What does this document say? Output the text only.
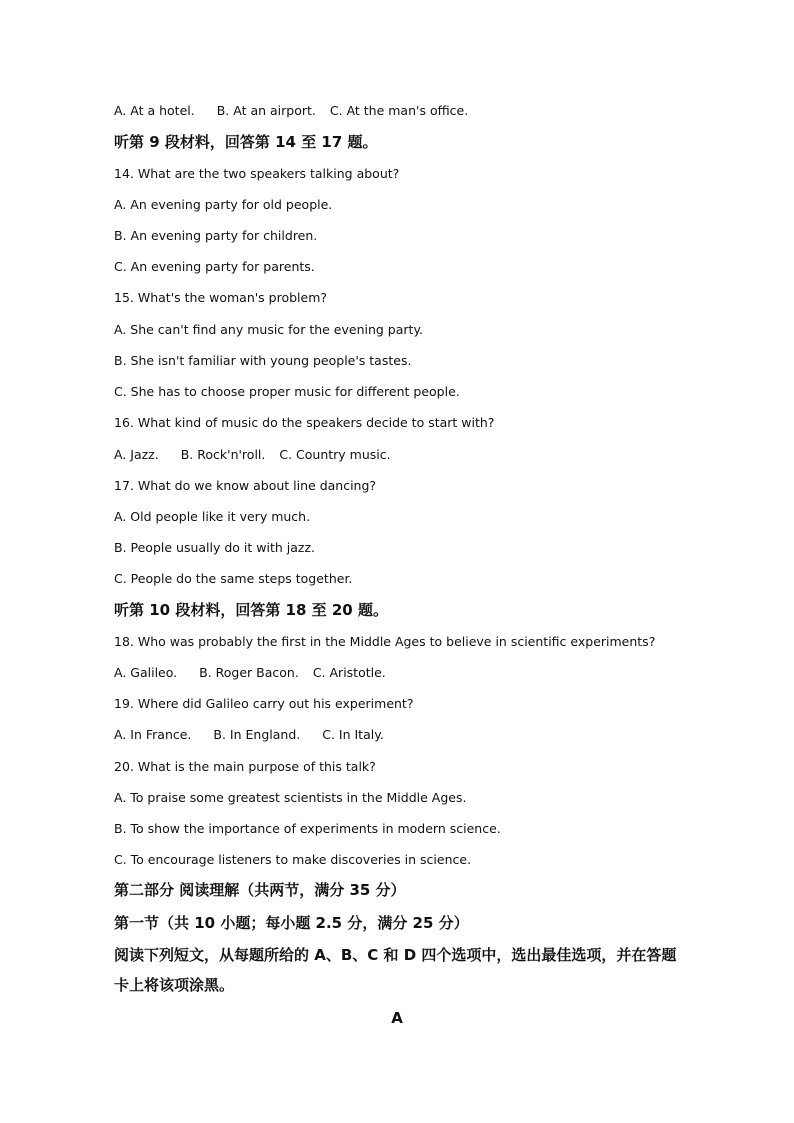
A. At a hotel. B. At an airport. C. At the man's office.
听第 9 段材料，回答第 14 至 17 题。
14. What are the two speakers talking about?
A. An evening party for old people.
B. An evening party for children.
C. An evening party for parents.
15. What's the woman's problem?
A. She can't find any music for the evening party.
B. She isn't familiar with young people's tastes.
C. She has to choose proper music for different people.
16. What kind of music do the speakers decide to start with?
A. Jazz. B. Rock'n'roll. C. Country music.
17. What do we know about line dancing?
A. Old people like it very much.
B. People usually do it with jazz.
C. People do the same steps together.
听第 10 段材料，回答第 18 至 20 题。
18. Who was probably the first in the Middle Ages to believe in scientific experiments?
A. Galileo. B. Roger Bacon. C. Aristotle.
19. Where did Galileo carry out his experiment?
A. In France. B. In England. C. In Italy.
20. What is the main purpose of this talk?
A. To praise some greatest scientists in the Middle Ages.
B. To show the importance of experiments in modern science.
C. To encourage listeners to make discoveries in science.
第二部分 阅读理解（共两节，满分 35 分）
第一节（共 10 小题；每小题 2.5 分，满分 25 分）
阅读下列短文，从每题所给的 A、B、C 和 D 四个选项中，选出最佳选项，并在答题
卡上将该项涂黑。
A
